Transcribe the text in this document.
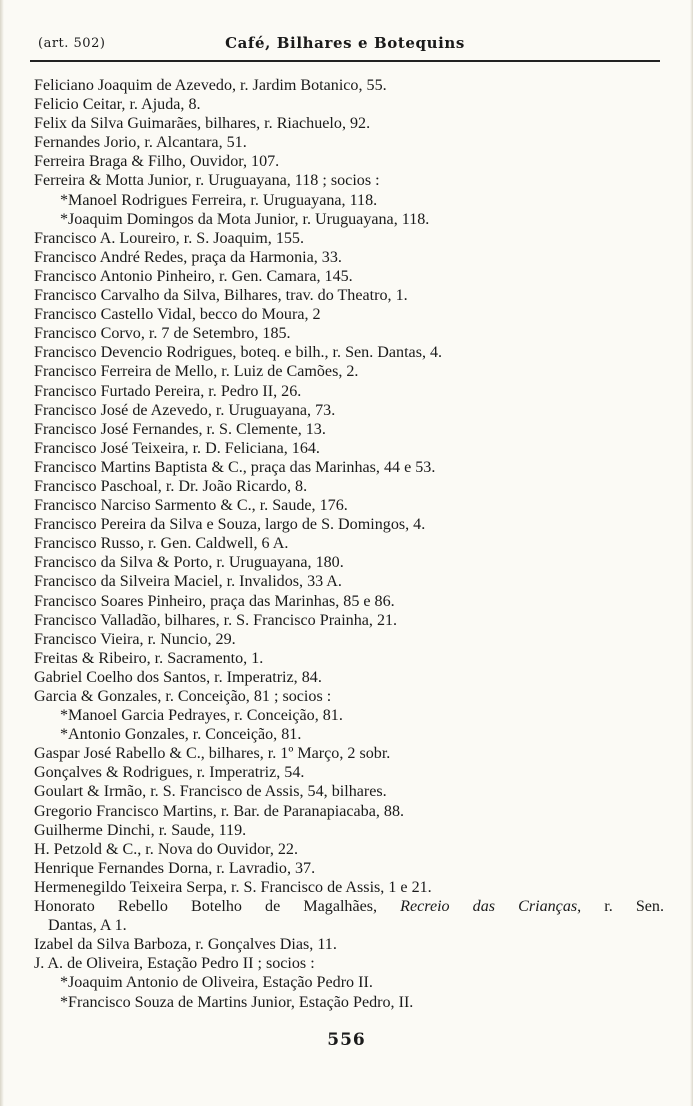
(art. 502)	Café, Bilhares e Botequins
Feliciano Joaquim de Azevedo, r. Jardim Botanico, 55.
Felicio Ceitar, r. Ajuda, 8.
Felix da Silva Guimarães, bilhares, r. Riachuelo, 92.
Fernandes Jorio, r. Alcantara, 51.
Ferreira Braga & Filho, Ouvidor, 107.
Ferreira & Motta Junior, r. Uruguayana, 118 ; socios :
*Manoel Rodrigues Ferreira, r. Uruguayana, 118.
*Joaquim Domingos da Mota Junior, r. Uruguayana, 118.
Francisco A. Loureiro, r. S. Joaquim, 155.
Francisco André Redes, praça da Harmonia, 33.
Francisco Antonio Pinheiro, r. Gen. Camara, 145.
Francisco Carvalho da Silva, Bilhares, trav. do Theatro, 1.
Francisco Castello Vidal, becco do Moura, 2
Francisco Corvo, r. 7 de Setembro, 185.
Francisco Devencio Rodrigues, boteq. e bilh., r. Sen. Dantas, 4.
Francisco Ferreira de Mello, r. Luiz de Camões, 2.
Francisco Furtado Pereira, r. Pedro II, 26.
Francisco José de Azevedo, r. Uruguayana, 73.
Francisco José Fernandes, r. S. Clemente, 13.
Francisco José Teixeira, r. D. Feliciana, 164.
Francisco Martins Baptista & C., praça das Marinhas, 44 e 53.
Francisco Paschoal, r. Dr. João Ricardo, 8.
Francisco Narciso Sarmento & C., r. Saude, 176.
Francisco Pereira da Silva e Souza, largo de S. Domingos, 4.
Francisco Russo, r. Gen. Caldwell, 6 A.
Francisco da Silva & Porto, r. Uruguayana, 180.
Francisco da Silveira Maciel, r. Invalidos, 33 A.
Francisco Soares Pinheiro, praça das Marinhas, 85 e 86.
Francisco Valladão, bilhares, r. S. Francisco Prainha, 21.
Francisco Vieira, r. Nuncio, 29.
Freitas & Ribeiro, r. Sacramento, 1.
Gabriel Coelho dos Santos, r. Imperatriz, 84.
Garcia & Gonzales, r. Conceição, 81 ; socios :
*Manoel Garcia Pedrayes, r. Conceição, 81.
*Antonio Gonzales, r. Conceição, 81.
Gaspar José Rabello & C., bilhares, r. 1º Março, 2 sobr.
Gonçalves & Rodrigues, r. Imperatriz, 54.
Goulart & Irmão, r. S. Francisco de Assis, 54, bilhares.
Gregorio Francisco Martins, r. Bar. de Paranapiacaba, 88.
Guilherme Dinchi, r. Saude, 119.
H. Petzold & C., r. Nova do Ouvidor, 22.
Henrique Fernandes Dorna, r. Lavradio, 37.
Hermenegildo Teixeira Serpa, r. S. Francisco de Assis, 1 e 21.
Honorato Rebello Botelho de Magalhães, Recreio das Crianças, r. Sen.
Dantas, A 1.
Izabel da Silva Barboza, r. Gonçalves Dias, 11.
J. A. de Oliveira, Estação Pedro II ; socios :
*Joaquim Antonio de Oliveira, Estação Pedro II.
*Francisco Souza de Martins Junior, Estação Pedro, II.
556
